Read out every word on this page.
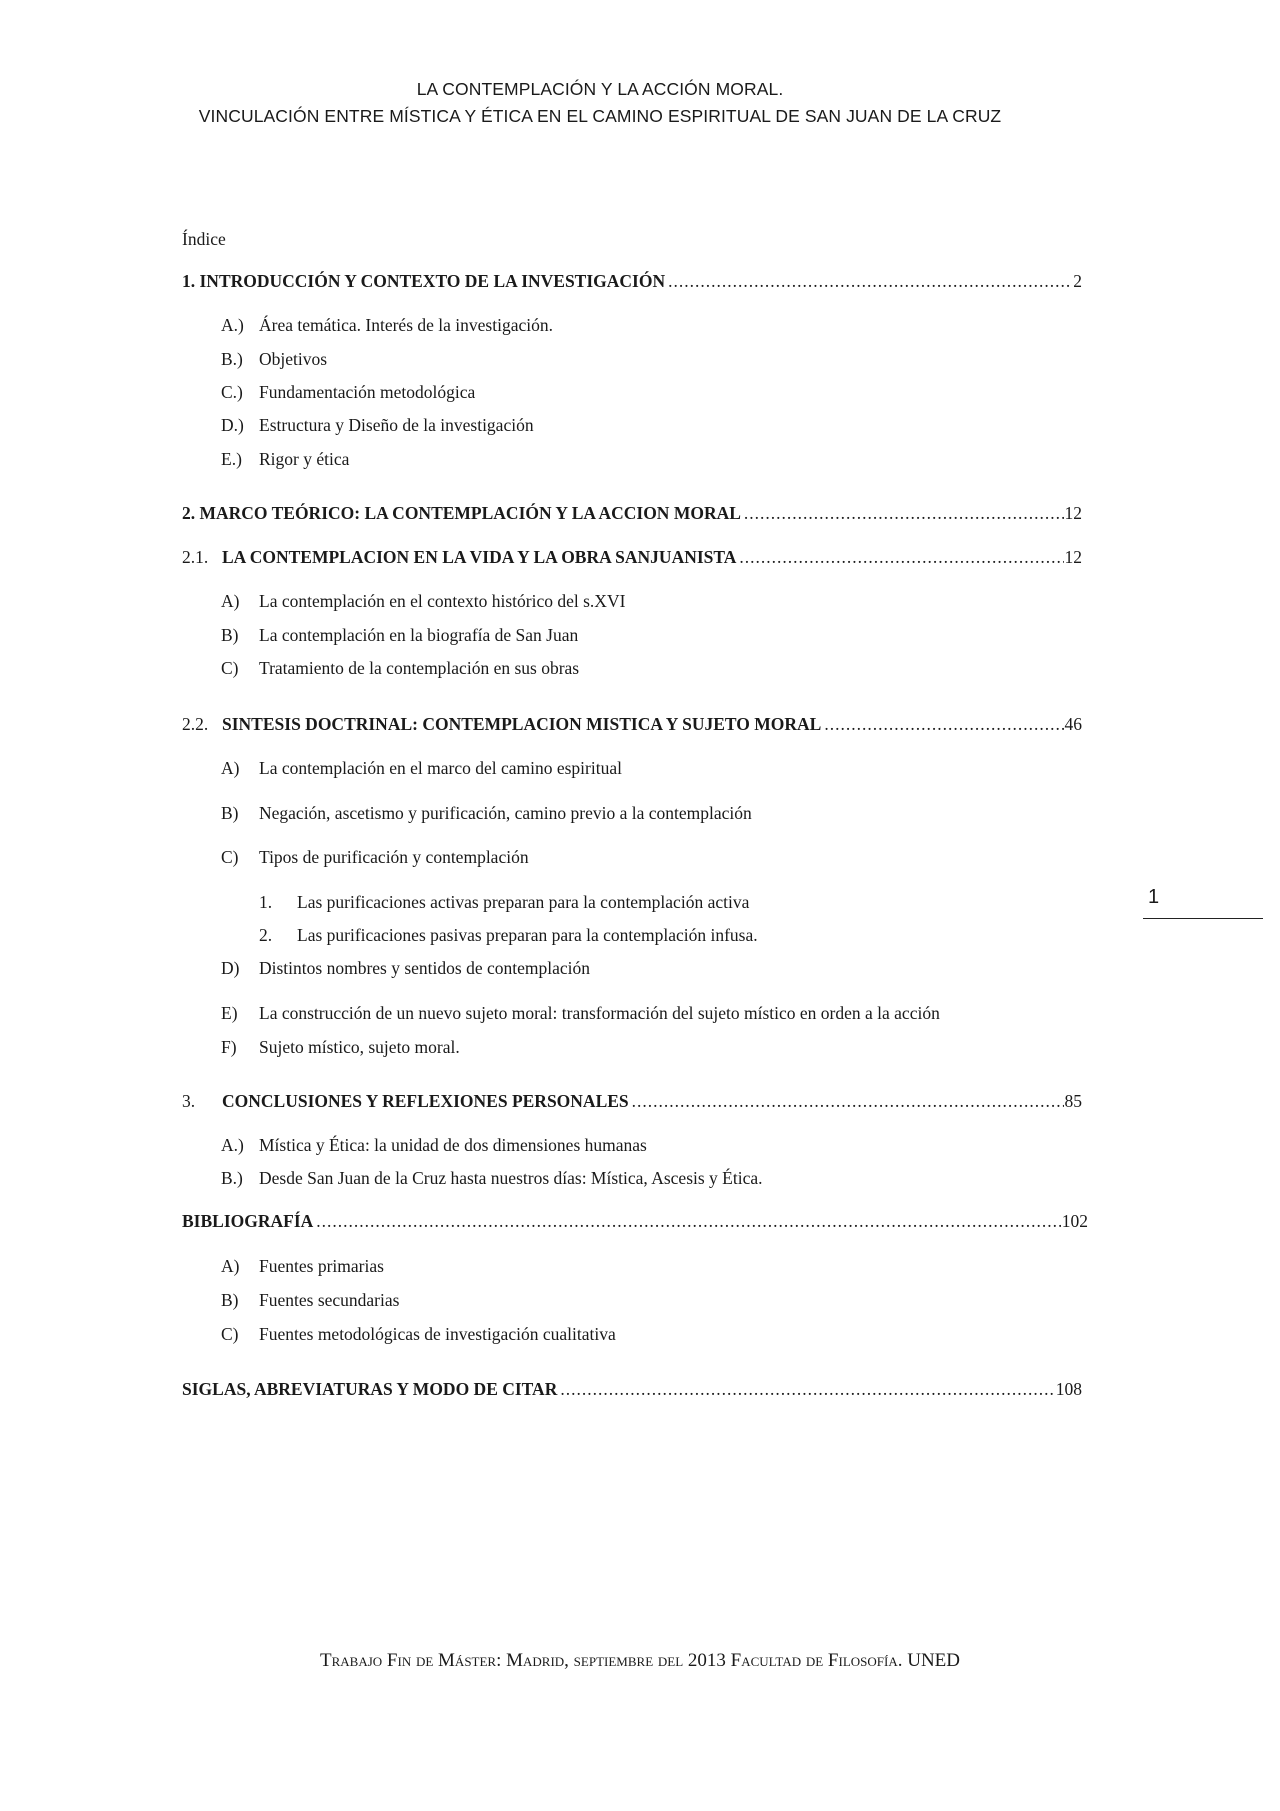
LA CONTEMPLACIÓN Y LA ACCIÓN MORAL.
VINCULACIÓN ENTRE MÍSTICA Y ÉTICA EN EL CAMINO ESPIRITUAL DE SAN JUAN DE LA CRUZ
Índice
1. INTRODUCCIÓN Y CONTEXTO DE LA INVESTIGACIÓN .....	2
A.) Área temática. Interés de la investigación.
B.) Objetivos
C.) Fundamentación metodológica
D.) Estructura y Diseño de la investigación
E.) Rigor y ética
2. MARCO TEÓRICO: LA CONTEMPLACIÓN Y LA ACCION MORAL .....	12
2.1. LA CONTEMPLACION EN LA VIDA Y LA OBRA SANJUANISTA .....	12
A) La contemplación en el contexto histórico del s.XVI
B) La contemplación en la biografía de San Juan
C) Tratamiento de la contemplación en sus obras
2.2. SINTESIS DOCTRINAL: CONTEMPLACION MISTICA Y SUJETO MORAL .....	46
A) La contemplación en el marco del camino espiritual
B) Negación, ascetismo y purificación, camino previo a la contemplación
C) Tipos de purificación y contemplación
1. Las purificaciones activas preparan para la contemplación activa
2. Las purificaciones pasivas preparan para la contemplación infusa.
D) Distintos nombres y sentidos de contemplación
E) La construcción de un nuevo sujeto moral: transformación del sujeto místico en orden a la acción
F) Sujeto místico, sujeto moral.
3.	CONCLUSIONES Y REFLEXIONES PERSONALES .....	85
A.) Mística y Ética: la unidad de dos dimensiones humanas
B.) Desde San Juan de la Cruz hasta nuestros días: Mística, Ascesis y Ética.
BIBLIOGRAFÍA .....	102
A) Fuentes primarias
B) Fuentes secundarias
C) Fuentes metodológicas de investigación cualitativa
SIGLAS, ABREVIATURAS Y MODO DE CITAR .....	108
1
Trabajo Fin de Máster: Madrid, septiembre del 2013 Facultad de Filosofía. UNED
